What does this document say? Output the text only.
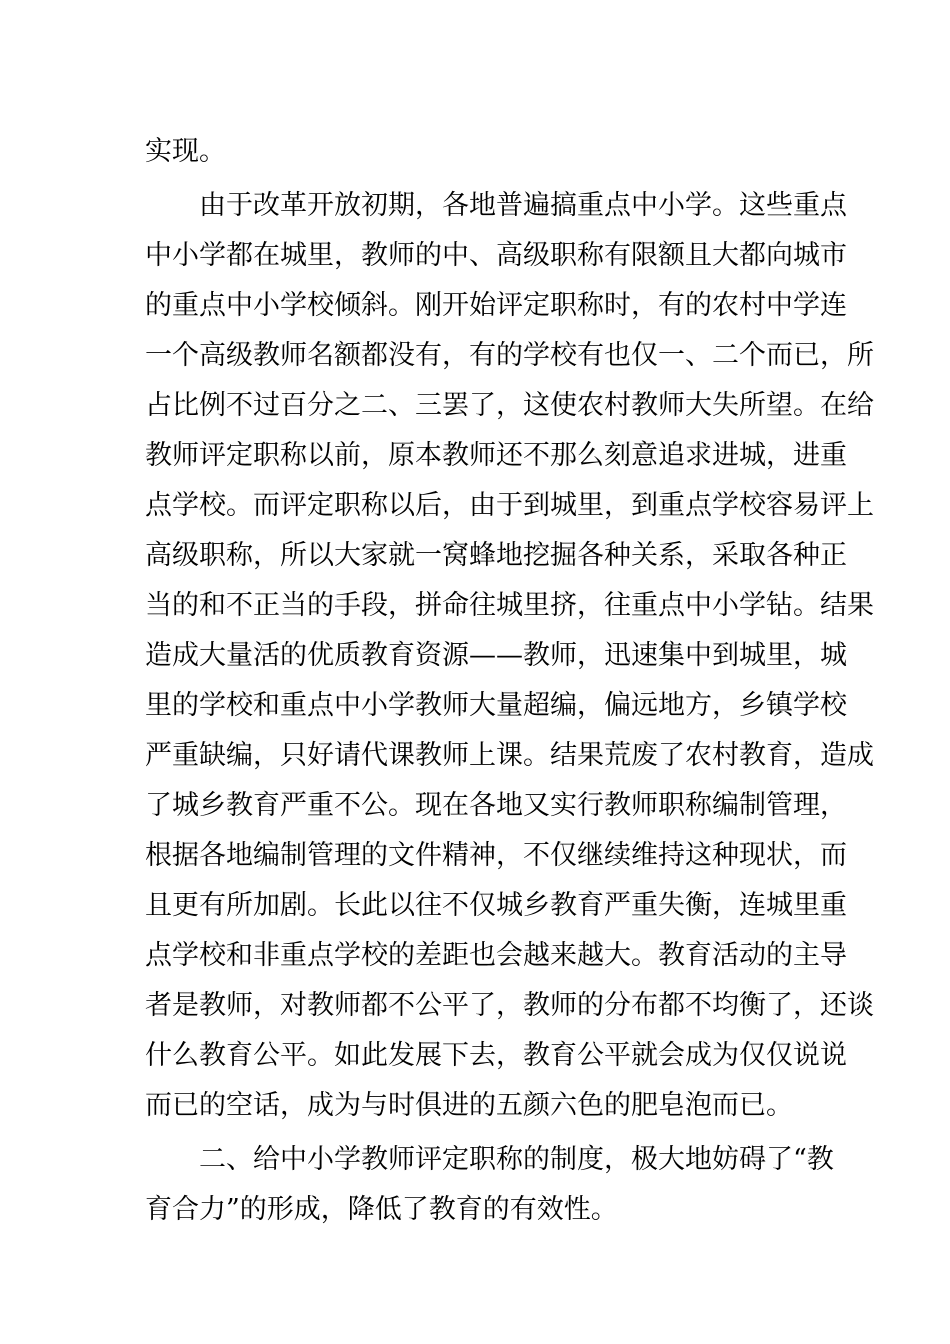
实现。
由于改革开放初期，各地普遍搞重点中小学。这些重点
中小学都在城里，教师的中、高级职称有限额且大都向城市
的重点中小学校倾斜。刚开始评定职称时，有的农村中学连
一个高级教师名额都没有，有的学校有也仅一、二个而已，所
占比例不过百分之二、三罢了，这使农村教师大失所望。在给
教师评定职称以前，原本教师还不那么刻意追求进城，进重
点学校。而评定职称以后，由于到城里，到重点学校容易评上
高级职称，所以大家就一窝蜂地挖掘各种关系，采取各种正
当的和不正当的手段，拼命往城里挤，往重点中小学钻。结果
造成大量活的优质教育资源——教师，迅速集中到城里，城
里的学校和重点中小学教师大量超编，偏远地方，乡镇学校
严重缺编，只好请代课教师上课。结果荒废了农村教育，造成
了城乡教育严重不公。现在各地又实行教师职称编制管理，
根据各地编制管理的文件精神，不仅继续维持这种现状，而
且更有所加剧。长此以往不仅城乡教育严重失衡，连城里重
点学校和非重点学校的差距也会越来越大。教育活动的主导
者是教师，对教师都不公平了，教师的分布都不均衡了，还谈
什么教育公平。如此发展下去，教育公平就会成为仅仅说说
而已的空话，成为与时俱进的五颜六色的肥皂泡而已。
二、给中小学教师评定职称的制度，极大地妨碍了“教
育合力”的形成，降低了教育的有效性。
